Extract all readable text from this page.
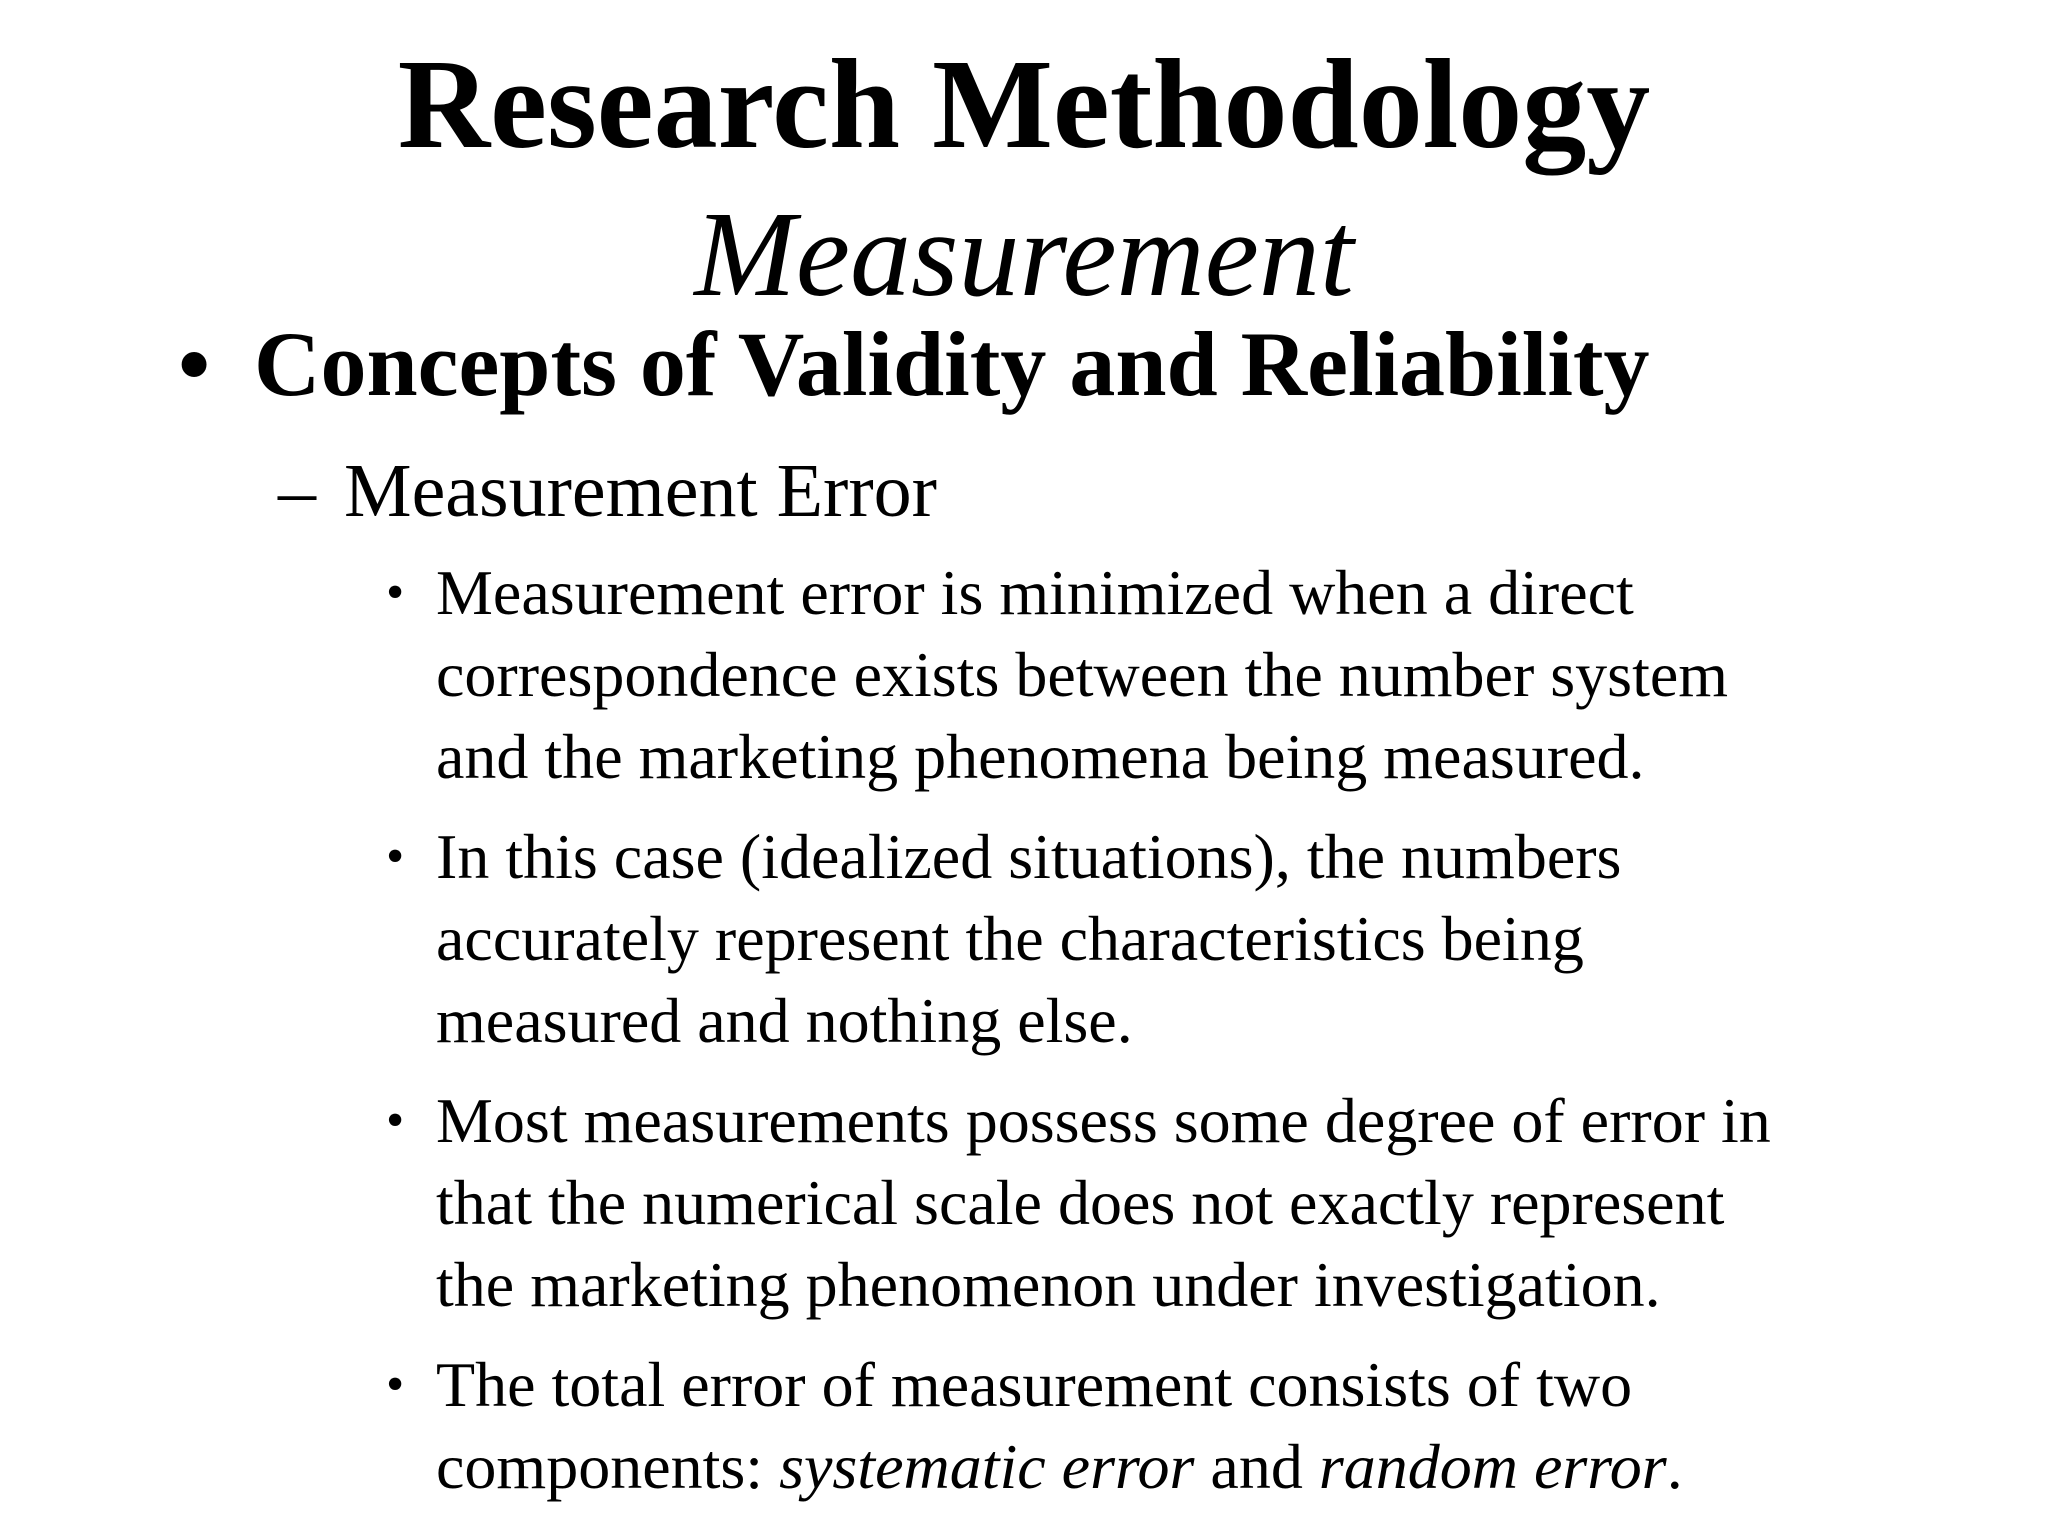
Research Methodology
Measurement
• Concepts of Validity and Reliability
– Measurement Error
• Measurement error is minimized when a direct
correspondence exists between the number system
and the marketing phenomena being measured.
• In this case (idealized situations), the numbers
accurately represent the characteristics being
measured and nothing else.
• Most measurements possess some degree of error in
that the numerical scale does not exactly represent
the marketing phenomenon under investigation.
• The total error of measurement consists of two
components: systematic error and random error.
